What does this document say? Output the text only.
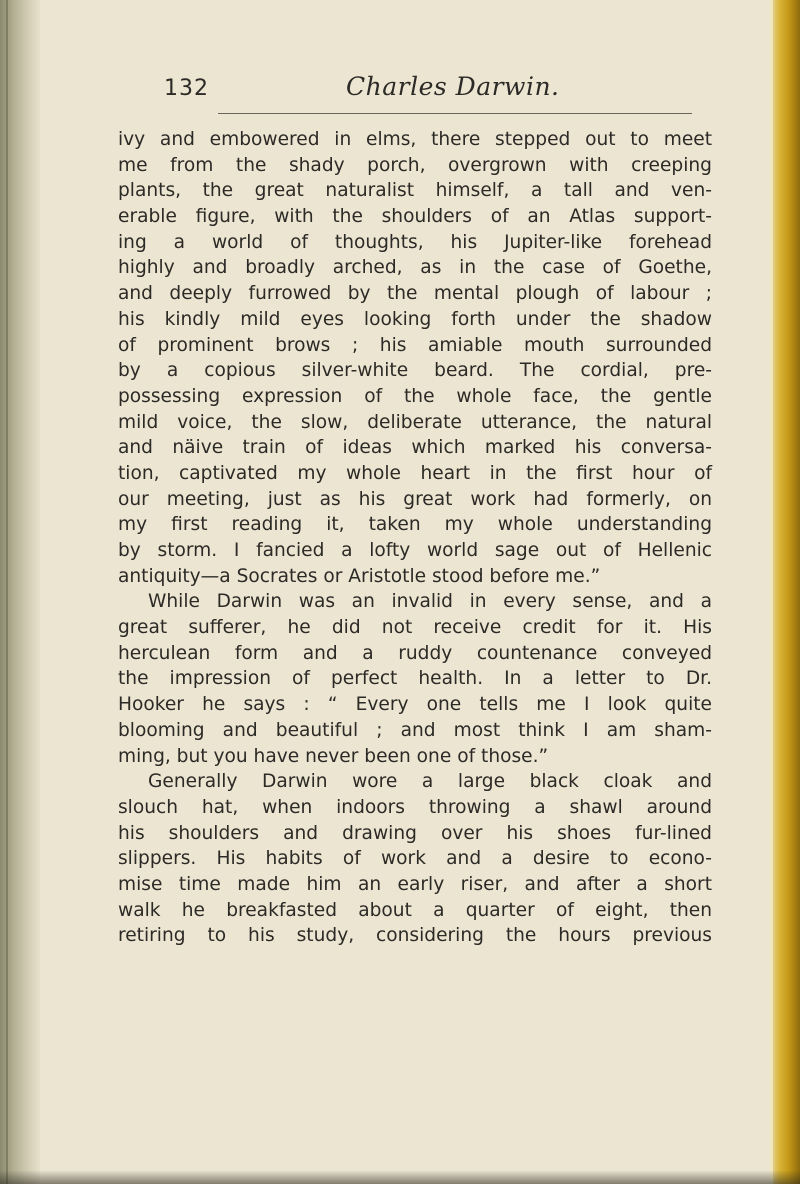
132	Charles Darwin.
ivy and embowered in elms, there stepped out to meet
me from the shady porch, overgrown with creeping
plants, the great naturalist himself, a tall and ven-
erable figure, with the shoulders of an Atlas support-
ing a world of thoughts, his Jupiter-like forehead
highly and broadly arched, as in the case of Goethe,
and deeply furrowed by the mental plough of labour ;
his kindly mild eyes looking forth under the shadow
of prominent brows ; his amiable mouth surrounded
by a copious silver-white beard. The cordial, pre-
possessing expression of the whole face, the gentle
mild voice, the slow, deliberate utterance, the natural
and näive train of ideas which marked his conversa-
tion, captivated my whole heart in the first hour of
our meeting, just as his great work had formerly, on
my first reading it, taken my whole understanding
by storm. I fancied a lofty world sage out of Hellenic
antiquity—a Socrates or Aristotle stood before me.”
While Darwin was an invalid in every sense, and a
great sufferer, he did not receive credit for it. His
herculean form and a ruddy countenance conveyed
the impression of perfect health. In a letter to Dr.
Hooker he says : “ Every one tells me I look quite
blooming and beautiful ; and most think I am sham-
ming, but you have never been one of those.”
Generally Darwin wore a large black cloak and
slouch hat, when indoors throwing a shawl around
his shoulders and drawing over his shoes fur-lined
slippers. His habits of work and a desire to econo-
mise time made him an early riser, and after a short
walk he breakfasted about a quarter of eight, then
retiring to his study, considering the hours previous
